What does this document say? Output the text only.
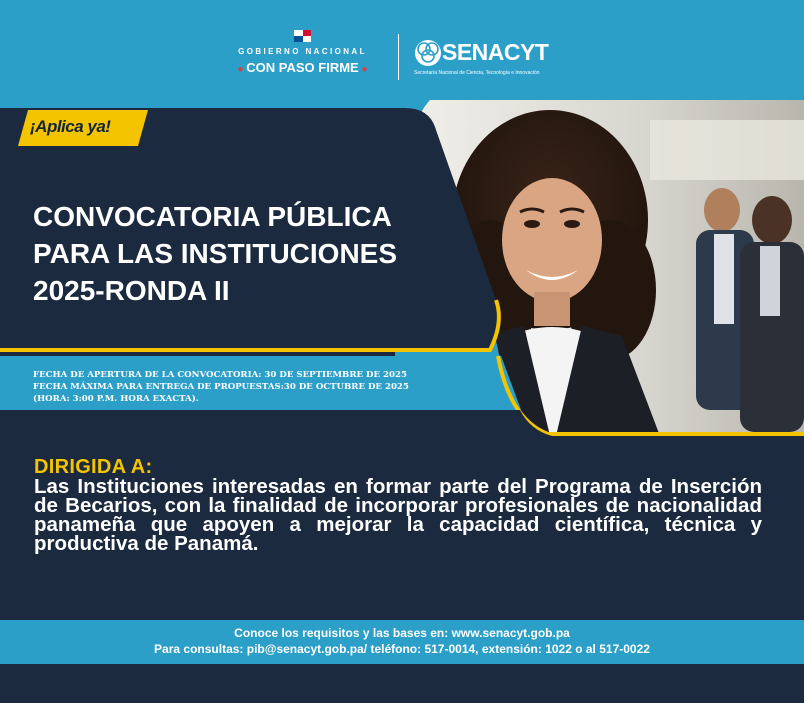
GOBIERNO NACIONAL
● CON PASO FIRME ●
SENACYT
Secretaría Nacional de Ciencia, Tecnología e Innovación
¡Aplica ya!
CONVOCATORIA PÚBLICA
PARA LAS INSTITUCIONES
2025-RONDA II
FECHA DE APERTURA DE LA CONVOCATORIA: 30 DE SEPTIEMBRE DE 2025
FECHA MÁXIMA PARA ENTREGA DE PROPUESTAS:30 DE OCTUBRE DE 2025
(HORA: 3:00 P.M. HORA EXACTA).
DIRIGIDA A:
Las Instituciones interesadas en formar parte del Programa de Inserción de Becarios, con la finalidad de incorporar profesionales de nacionalidad panameña que apoyen a mejorar la capacidad científica, técnica y productiva de Panamá.
Conoce los requisitos y las bases en: www.senacyt.gob.pa
Para consultas: pib@senacyt.gob.pa/ teléfono: 517-0014, extensión: 1022 o al 517-0022
